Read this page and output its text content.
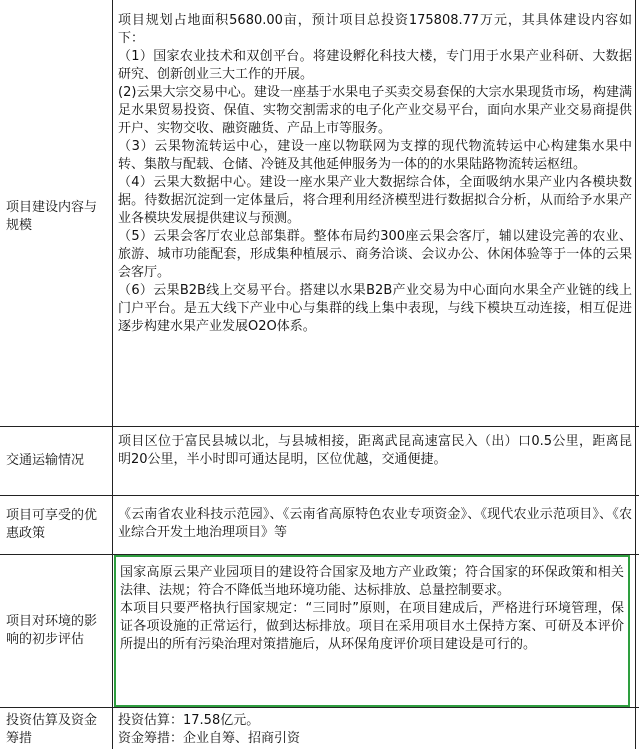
项目建设内容与规模

项目规划占地面积5680.00亩，预计项目总投资175808.77万元，其具体建设内容如下：

（1）国家农业技术和双创平台。将建设孵化科技大楼，专门用于水果产业科研、大数据研究、创新创业三大工作的开展。

(2)云果大宗交易中心。建设一座基于水果电子买卖交易套保的大宗水果现货市场，构建满足水果贸易投资、保值、实物交割需求的电子化产业交易平台，面向水果产业交易商提供开户、实物交收、融资融货、产品上市等服务。

（3）云果物流转运中心，建设一座以物联网为支撑的现代物流转运中心构建集水果中转、集散与配载、仓储、冷链及其他延伸服务为一体的的水果陆路物流转运枢纽。

（4）云果大数据中心。建设一座水果产业大数据综合体，全面吸纳水果产业内各模块数据。待数据沉淀到一定体量后，将合理利用经济模型进行数据拟合分析，从而给予水果产业各模块发展提供建议与预测。

（5）云果会客厅农业总部集群。整体布局约300座云果会客厅，辅以建设完善的农业、旅游、城市功能配套，形成集种植展示、商务洽谈、会议办公、休闲体验等于一体的云果会客厅。

（6）云果B2B线上交易平台。搭建以水果B2B产业交易为中心面向水果全产业链的线上门户平台。是五大线下产业中心与集群的线上集中表现，与线下模块互动连接，相互促进逐步构建水果产业发展O2O体系。

交通运输情况

项目区位于富民县城以北，与县城相接，距离武昆高速富民入（出）口0.5公里，距离昆明20公里，半小时即可通达昆明，区位优越，交通便捷。

项目可享受的优惠政策

《云南省农业科技示范园》、《云南省高原特色农业专项资金》、《现代农业示范项目》、《农业综合开发土地治理项目》等

项目对环境的影响的初步评估

国家高原云果产业园项目的建设符合国家及地方产业政策；符合国家的环保政策和相关法律、法规；符合不降低当地环境功能、达标排放、总量控制要求。

本项目只要严格执行国家规定：“三同时”原则，在项目建成后，严格进行环境管理，保证各项设施的正常运行，做到达标排放。项目在采用项目水土保持方案、可研及本评价所提出的所有污染治理对策措施后，从环保角度评价项目建设是可行的。

投资估算及资金筹措

投资估算：17.58亿元。

资金筹措：企业自筹、招商引资
